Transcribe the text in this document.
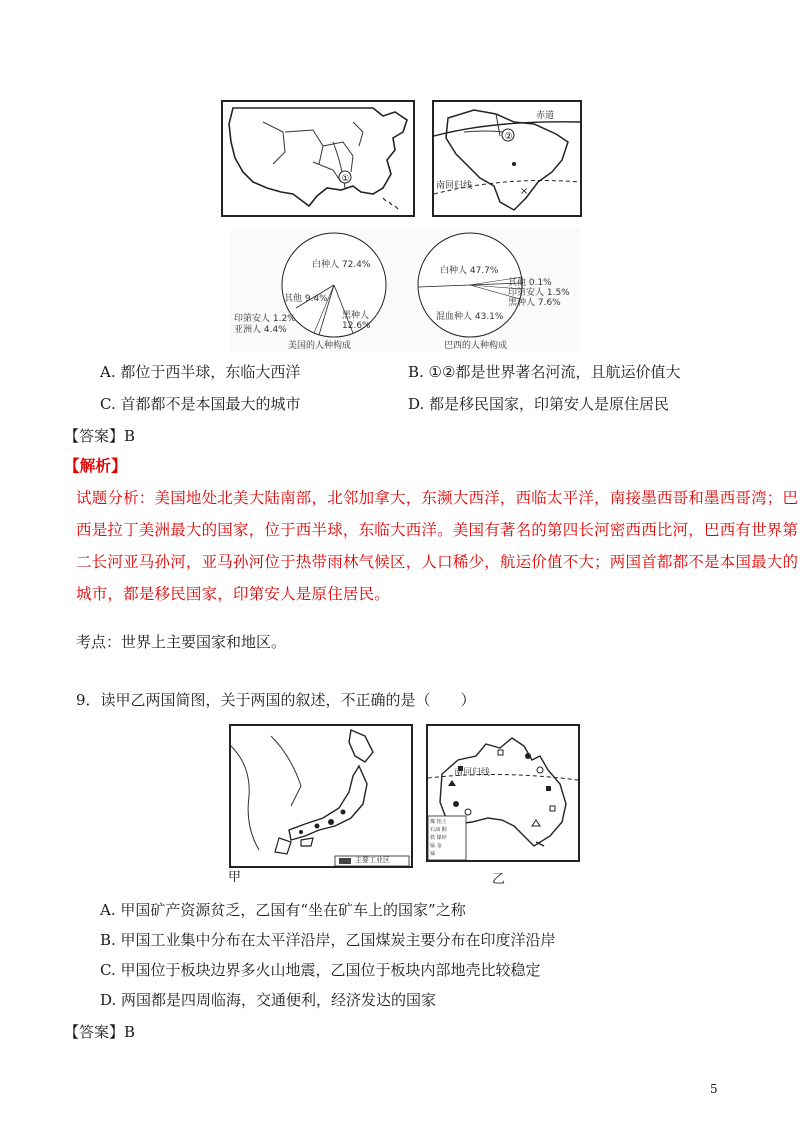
①
②
赤道
南回归线	×
白种人 72.4%
其他 9.4%
印第安人 1.2%
亚洲人 4.4%
黑种人 12.6%
美国的人种构成
白种人 47.7%
其他 0.1%
印第安人 1.5%
黑种人 7.6%
混血种人 43.1%
巴西的人种构成
A. 都位于西半球，东临大西洋	B. ①②都是世界著名河流，且航运价值大
C. 首都都不是本国最大的城市	D. 都是移民国家，印第安人是原住居民
【答案】B
【解析】
试题分析：美国地处北美大陆南部，北邻加拿大，东濒大西洋，西临太平洋，南接墨西哥和墨西哥湾；巴
西是拉丁美洲最大的国家，位于西半球，东临大西洋。美国有著名的第四长河密西西比河，巴西有世界第
二长河亚马孙河，亚马孙河位于热带雨林气候区，人口稀少，航运价值不大；两国首都都不是本国最大的
城市，都是移民国家，印第安人是原住居民。
考点：世界上主要国家和地区。
9．读甲乙两国简图，关于两国的叙述，不正确的是（　　）
主要工业区
甲
南回归线
煤 铝土
石油 铜
铁 镍锌
锰 金
铀
乙
A. 甲国矿产资源贫乏，乙国有“坐在矿车上的国家”之称
B. 甲国工业集中分布在太平洋沿岸，乙国煤炭主要分布在印度洋沿岸
C. 甲国位于板块边界多火山地震，乙国位于板块内部地壳比较稳定
D. 两国都是四周临海，交通便利，经济发达的国家
【答案】B
5
